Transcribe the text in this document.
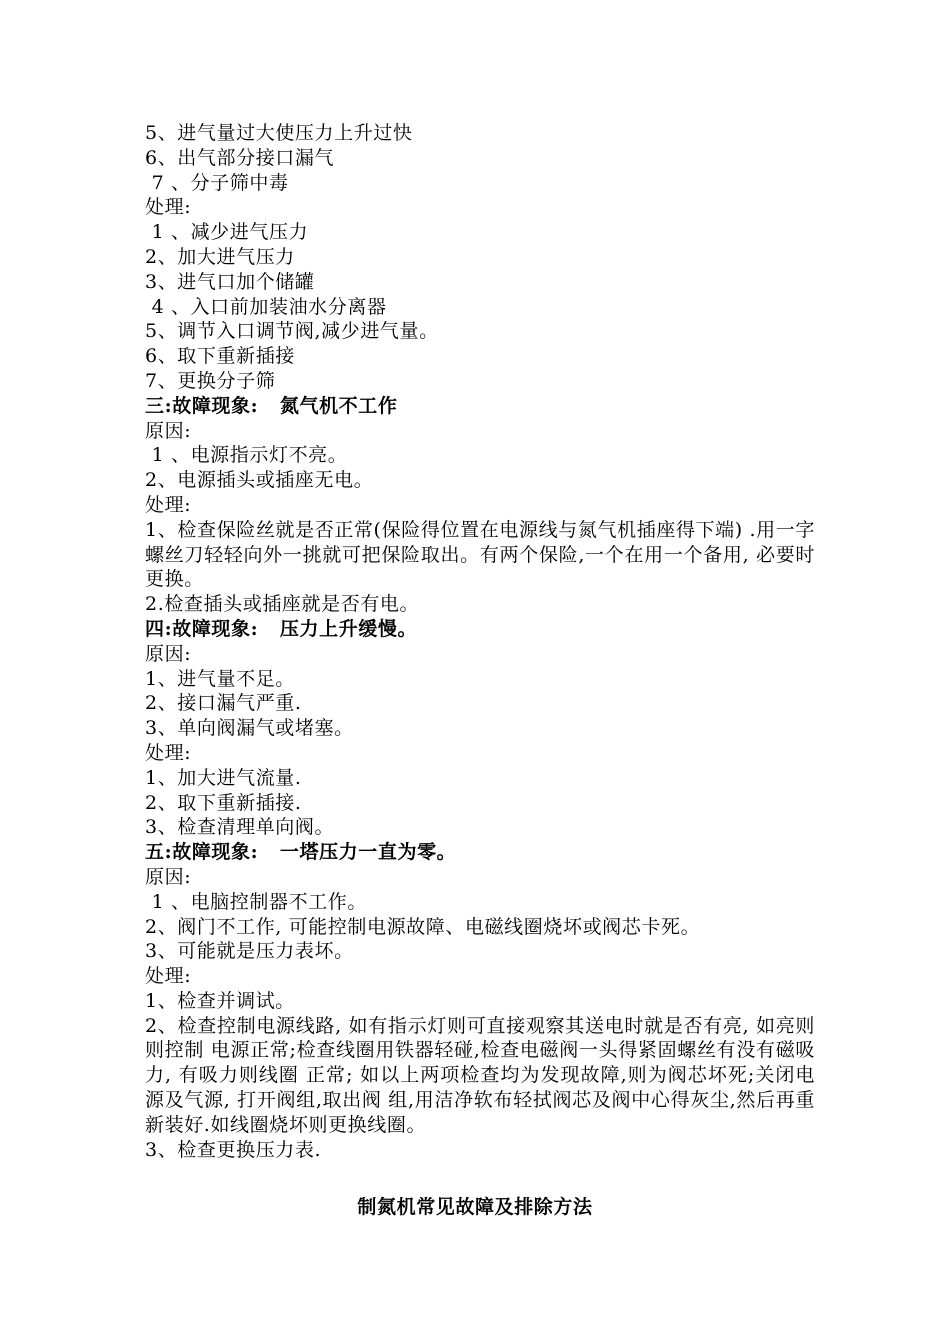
5、进气量过大使压力上升过快
6、出气部分接口漏气
7 、分子筛中毒
处理:
1 、减少进气压力
2、加大进气压力
3、进气口加个储罐
4 、入口前加装油水分离器
5、调节入口调节阀,减少进气量。
6、取下重新插接
7、更换分子筛
三:故障现象:   氮气机不工作
原因:
1 、电源指示灯不亮。
2、电源插头或插座无电。
处理:
1、检查保险丝就是否正常(保险得位置在电源线与氮气机插座得下端) .用一字螺丝刀轻轻向外一挑就可把保险取出。有两个保险,一个在用一个备用, 必要时更换。
2.检查插头或插座就是否有电。
四:故障现象:   压力上升缓慢。
原因:
1、进气量不足。
2、接口漏气严重.
3、单向阀漏气或堵塞。
处理:
1、加大进气流量.
2、取下重新插接.
3、检查清理单向阀。
五:故障现象:   一塔压力一直为零。
原因:
1 、电脑控制器不工作。
2、阀门不工作, 可能控制电源故障、电磁线圈烧坏或阀芯卡死。
3、可能就是压力表坏。
处理:
1、检查并调试。
2、检查控制电源线路, 如有指示灯则可直接观察其送电时就是否有亮, 如亮则则控制 电源正常;检查线圈用铁器轻碰,检查电磁阀一头得紧固螺丝有没有磁吸力, 有吸力则线圈 正常; 如以上两项检查均为发现故障,则为阀芯坏死;关闭电源及气源, 打开阀组,取出阀 组,用洁净软布轻拭阀芯及阀中心得灰尘,然后再重新装好.如线圈烧坏则更换线圈。
3、检查更换压力表.
制氮机常见故障及排除方法
